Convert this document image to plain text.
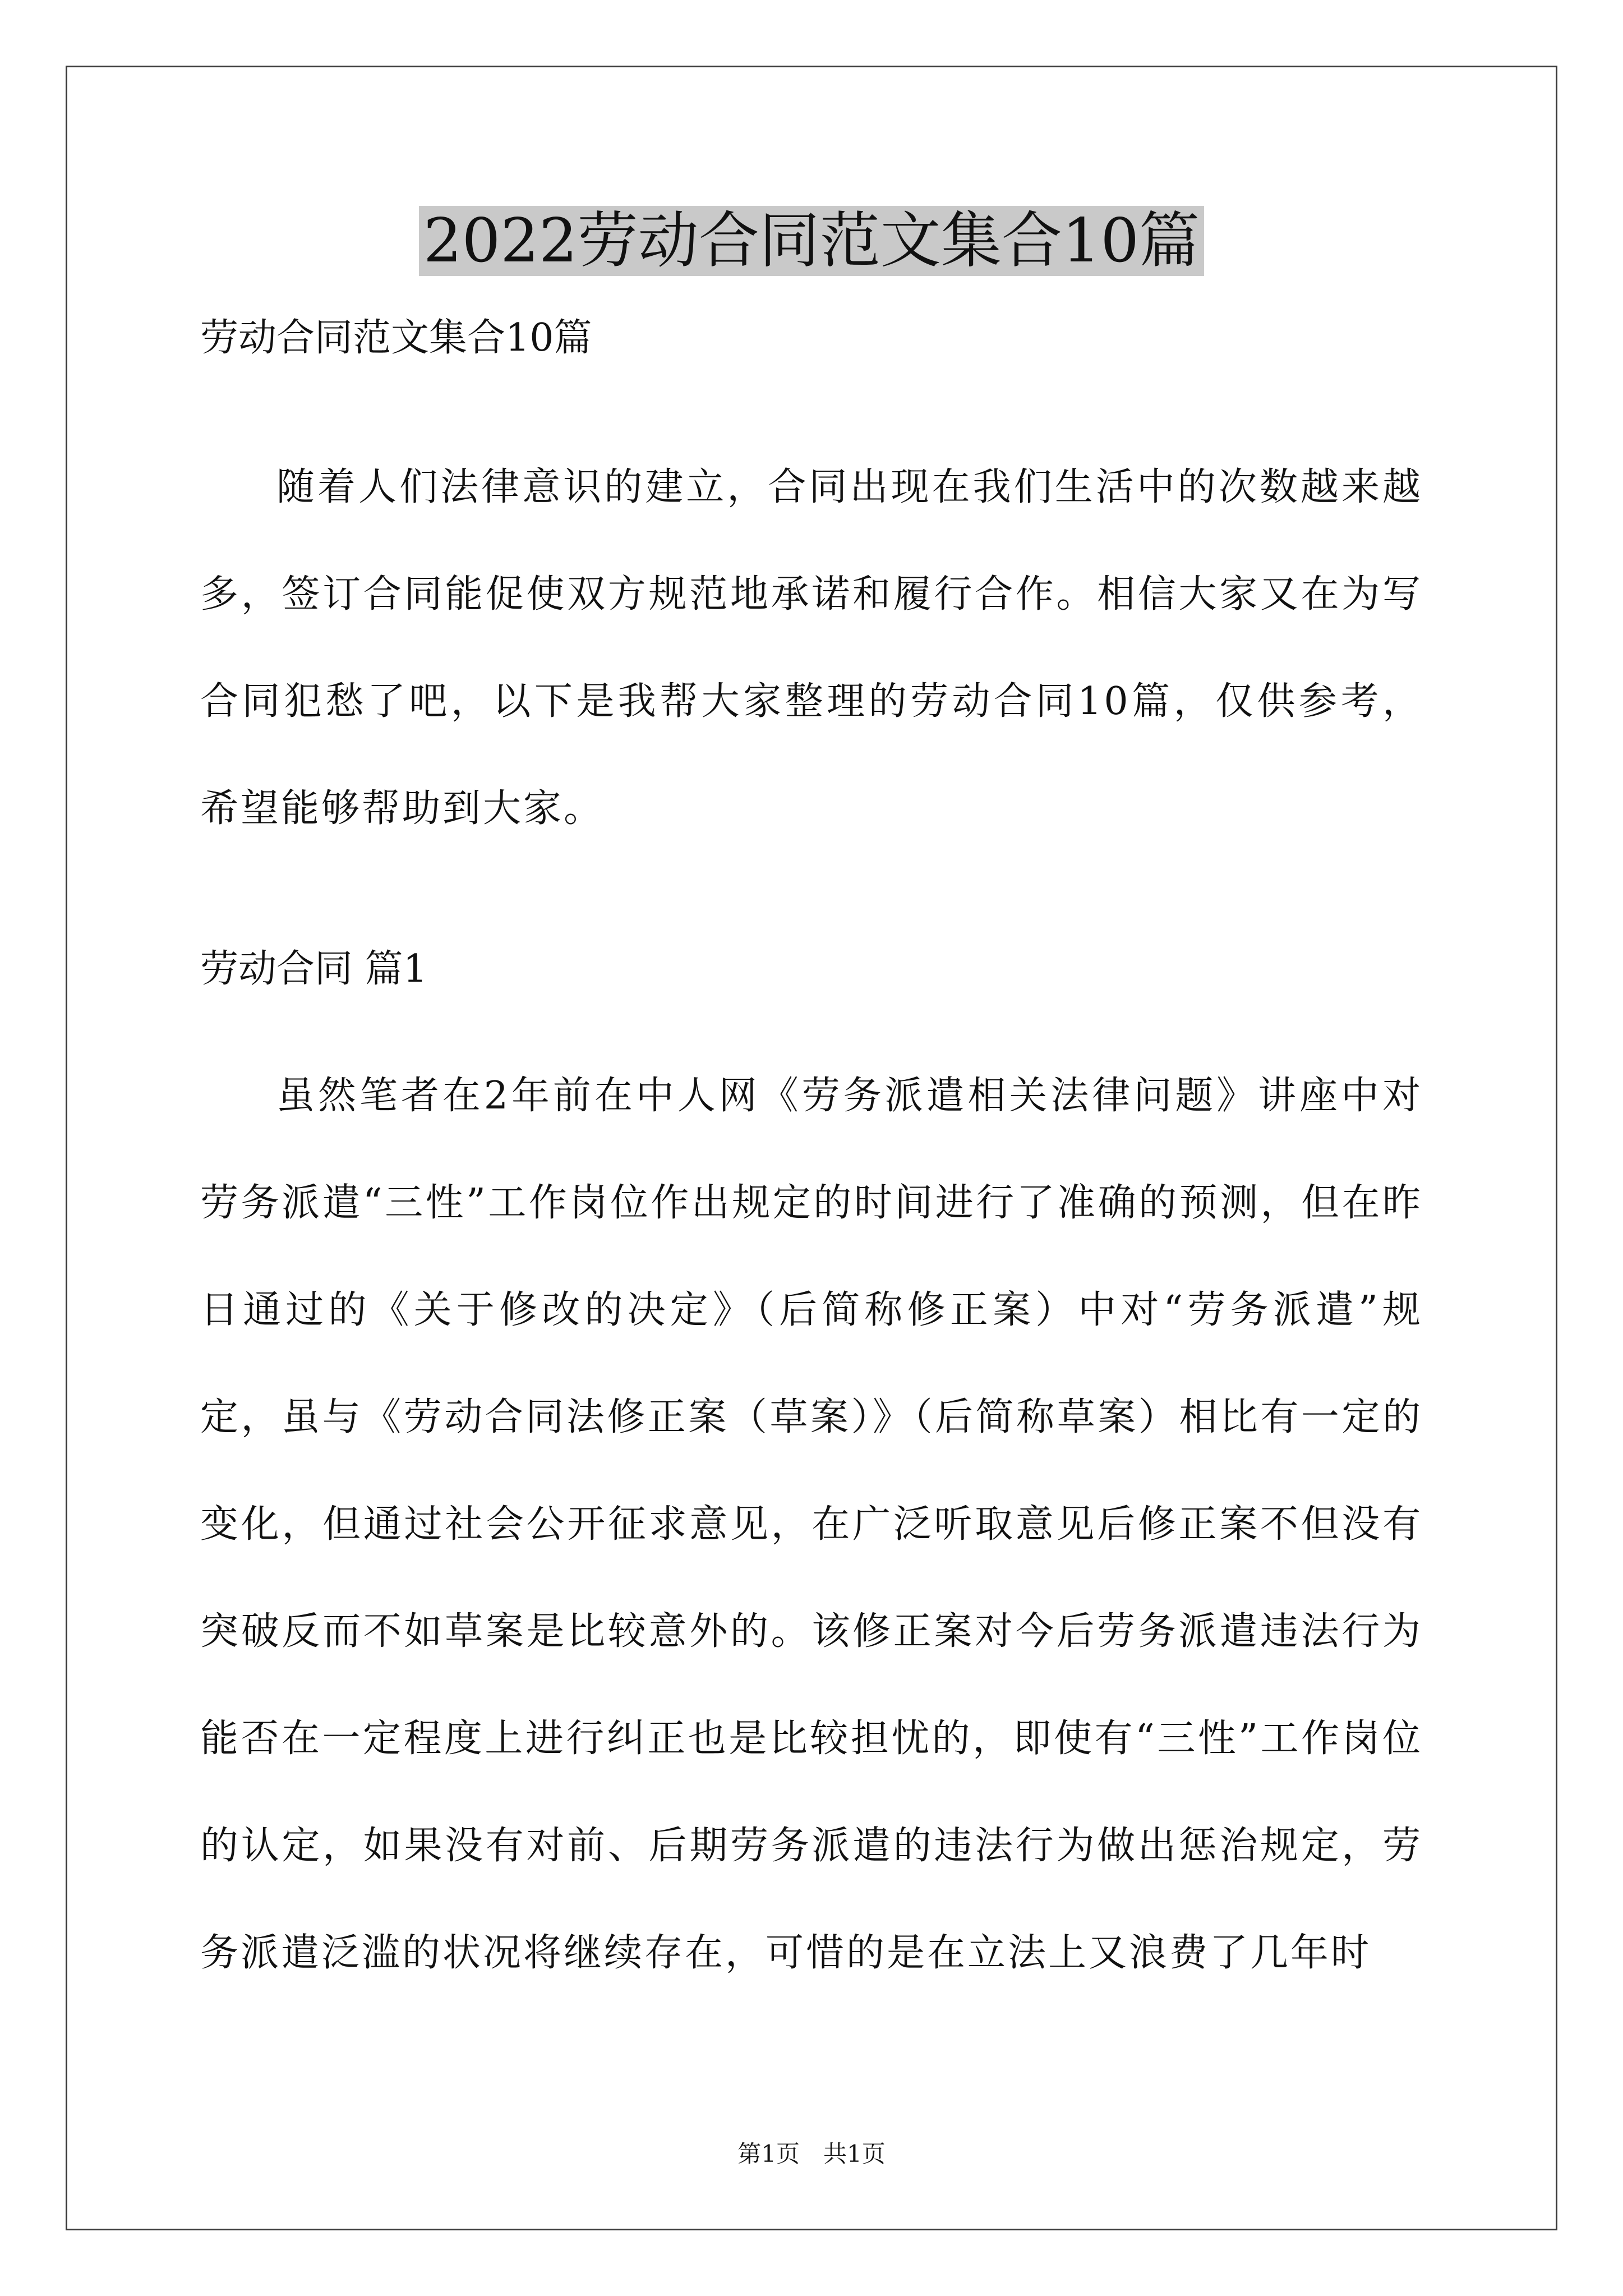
2022劳动合同范文集合10篇
劳动合同范文集合10篇
随着人们法律意识的建立，合同出现在我们生活中的次数越来越多，签订合同能促使双方规范地承诺和履行合作。相信大家又在为写合同犯愁了吧，以下是我帮大家整理的劳动合同10篇，仅供参考，希望能够帮助到大家。
劳动合同 篇1
虽然笔者在2年前在中人网《劳务派遣相关法律问题》讲座中对劳务派遣“三性”工作岗位作出规定的时间进行了准确的预测，但在昨日通过的《关于修改的决定》（后简称修正案）中对“劳务派遣”规定，虽与《劳动合同法修正案（草案）》（后简称草案）相比有一定的变化，但通过社会公开征求意见，在广泛听取意见后修正案不但没有突破反而不如草案是比较意外的。该修正案对今后劳务派遣违法行为能否在一定程度上进行纠正也是比较担忧的，即使有“三性”工作岗位的认定，如果没有对前、后期劳务派遣的违法行为做出惩治规定，劳务派遣泛滥的状况将继续存在，可惜的是在立法上又浪费了几年时
第1页　共1页
